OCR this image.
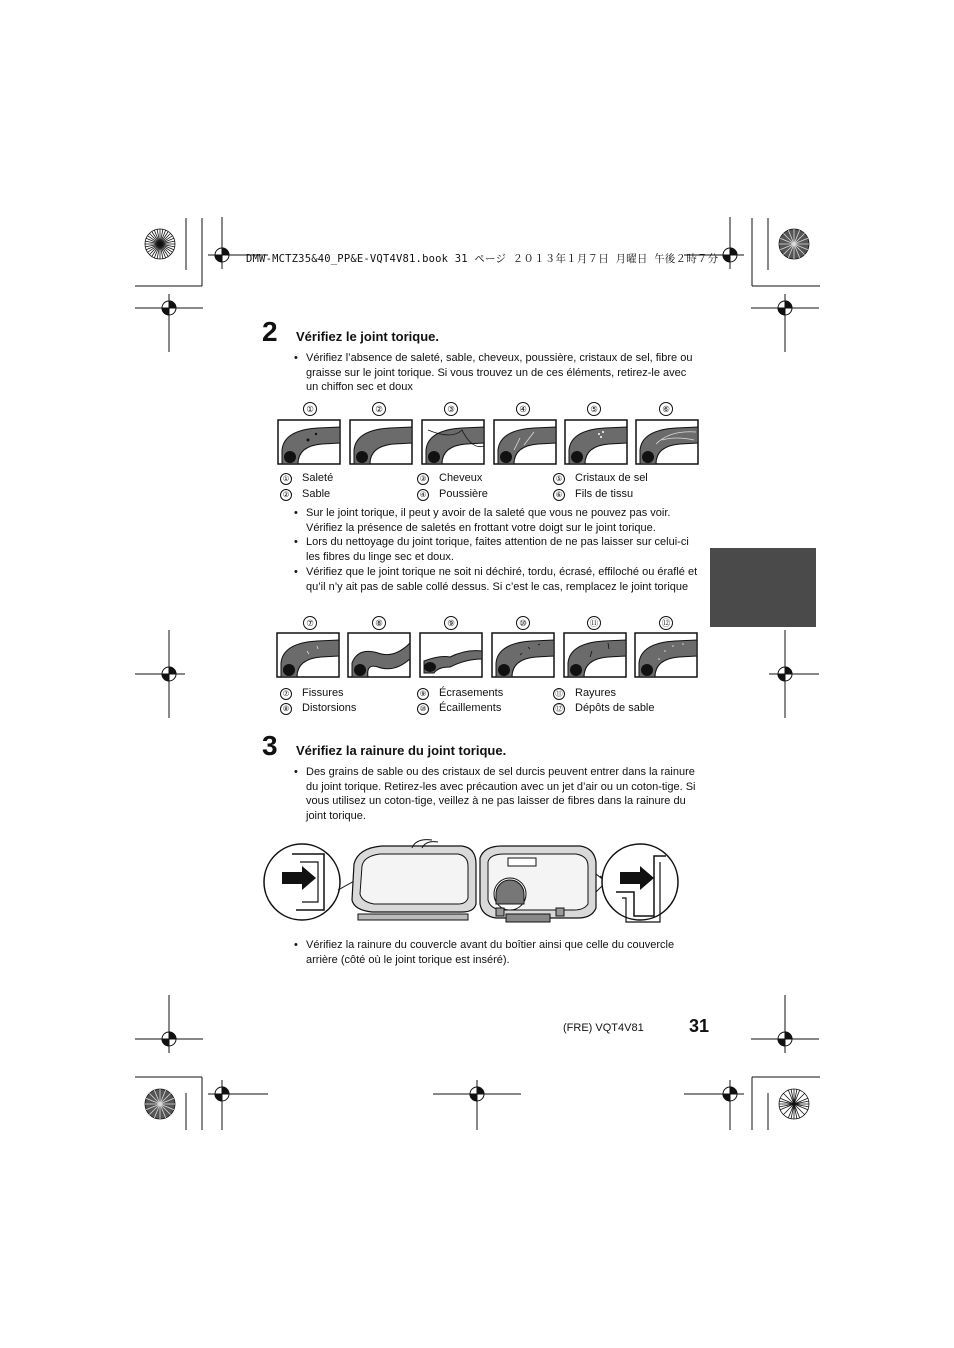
DMW-MCTZ35&40_PP&E-VQT4V81.book 31 ページ ２０１３年１月７日 月曜日 午後２時７分
2 Vérifiez le joint torique.
• Vérifiez l’absence de saleté, sable, cheveux, poussière, cristaux de sel, fibre ou graisse sur le joint torique. Si vous trouvez un de ces éléments, retirez-le avec un chiffon sec et doux
①	②	③	④	⑤	⑥
① Saleté
② Sable
③ Cheveux
④ Poussière
⑤ Cristaux de sel
⑥ Fils de tissu
• Sur le joint torique, il peut y avoir de la saleté que vous ne pouvez pas voir. Vérifiez la présence de saletés en frottant votre doigt sur le joint torique.
• Lors du nettoyage du joint torique, faites attention de ne pas laisser sur celui-ci les fibres du linge sec et doux.
• Vérifiez que le joint torique ne soit ni déchiré, tordu, écrasé, effiloché ou éraflé et qu’il n’y ait pas de sable collé dessus. Si c’est le cas, remplacez le joint torique
⑦	⑧	⑨	⑩	⑪	⑫
⑦ Fissures
⑧ Distorsions
⑨ Écrasements
⑩ Écaillements
⑪ Rayures
⑫ Dépôts de sable
3 Vérifiez la rainure du joint torique.
• Des grains de sable ou des cristaux de sel durcis peuvent entrer dans la rainure du joint torique. Retirez-les avec précaution avec un jet d’air ou un coton-tige. Si vous utilisez un coton-tige, veillez à ne pas laisser de fibres dans la rainure du joint torique.
• Vérifiez la rainure du couvercle avant du boîtier ainsi que celle du couvercle arrière (côté où le joint torique est inséré).
(FRE) VQT4V81	31
